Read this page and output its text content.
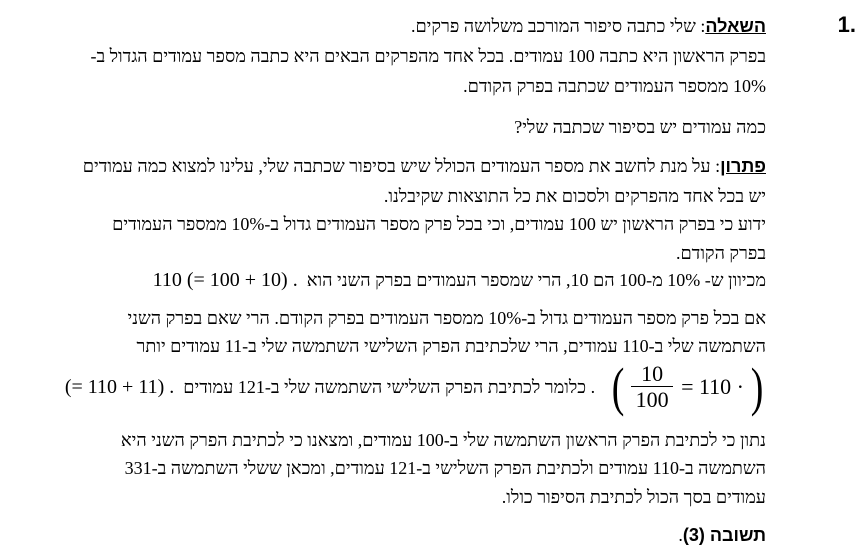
1.
השאלה: שלי כתבה סיפור המורכב משלושה פרקים.
בפרק הראשון היא כתבה 100 עמודים. בכל אחד מהפרקים הבאים היא כתבה מספר עמודים הגדול ב-
10% ממספר העמודים שכתבה בפרק הקודם.
כמה עמודים יש בסיפור שכתבה שלי?
פתרון: על מנת לחשב את מספר העמודים הכולל שיש בסיפור שכתבה שלי, עלינו למצוא כמה עמודים
יש בכל אחד מהפרקים ולסכום את כל התוצאות שקיבלנו.
ידוע כי בפרק הראשון יש 100 עמודים, וכי בכל פרק מספר העמודים גדול ב-10% ממספר העמודים
בפרק הקודם.
מכיוון ש- 10% מ-100 הם 10, הרי שמספר העמודים בפרק השני הוא  110 (= 100 + 10) .
אם בכל פרק מספר העמודים גדול ב-10% ממספר העמודים בפרק הקודם. הרי שאם בפרק השני
השתמשה שלי ב-110 עמודים, הרי שלכתיבת הפרק השלישי השתמשה שלי ב-11 עמודים יותר
( $\frac{10}{100} = 110$ · )
. כלומר לכתיבת הפרק השלישי השתמשה שלי ב-121 עמודים

(= 110 + 11) .
נתון כי לכתיבת הפרק הראשון השתמשה שלי ב-100 עמודים, ומצאנו כי לכתיבת הפרק השני היא
השתמשה ב-110 עמודים ולכתיבת הפרק השלישי ב-121 עמודים, ומכאן ששלי השתמשה ב-331
עמודים בסך הכול לכתיבת הסיפור כולו.
תשובה (3).
